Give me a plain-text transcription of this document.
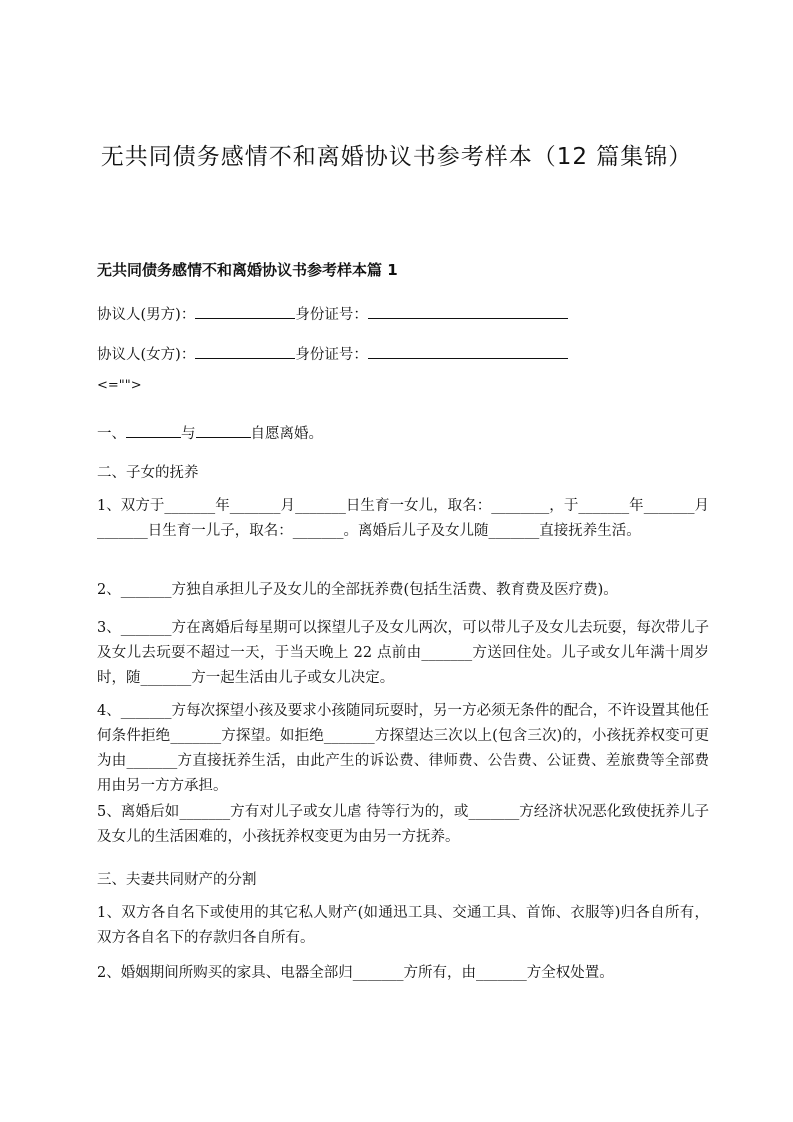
无共同债务感情不和离婚协议书参考样本（12 篇集锦）
无共同债务感情不和离婚协议书参考样本篇 1
协议人(男方)：	身份证号：
协议人(女方)：	身份证号：
<="">
一、	与	自愿离婚。
二、子女的抚养
1、双方于_______年_______月_______日生育一女儿，取名：________，于_______年_______月_______日生育一儿子，取名：_______。离婚后儿子及女儿随_______直接抚养生活。
2、_______方独自承担儿子及女儿的全部抚养费(包括生活费、教育费及医疗费)。
3、_______方在离婚后每星期可以探望儿子及女儿两次，可以带儿子及女儿去玩耍，每次带儿子及女儿去玩耍不超过一天，于当天晚上 22 点前由_______方送回住处。儿子或女儿年满十周岁时，随_______方一起生活由儿子或女儿决定。
4、_______方每次探望小孩及要求小孩随同玩耍时，另一方必须无条件的配合，不许设置其他任何条件拒绝_______方探望。如拒绝_______方探望达三次以上(包含三次)的，小孩抚养权变可更为由_______方直接抚养生活，由此产生的诉讼费、律师费、公告费、公证费、差旅费等全部费用由另一方方承担。
5、离婚后如_______方有对儿子或女儿虐 待等行为的，或_______方经济状况恶化致使抚养儿子及女儿的生活困难的，小孩抚养权变更为由另一方抚养。
三、夫妻共同财产的分割
1、双方各自名下或使用的其它私人财产(如通迅工具、交通工具、首饰、衣服等)归各自所有，双方各自名下的存款归各自所有。
2、婚姻期间所购买的家具、电器全部归_______方所有，由_______方全权处置。
